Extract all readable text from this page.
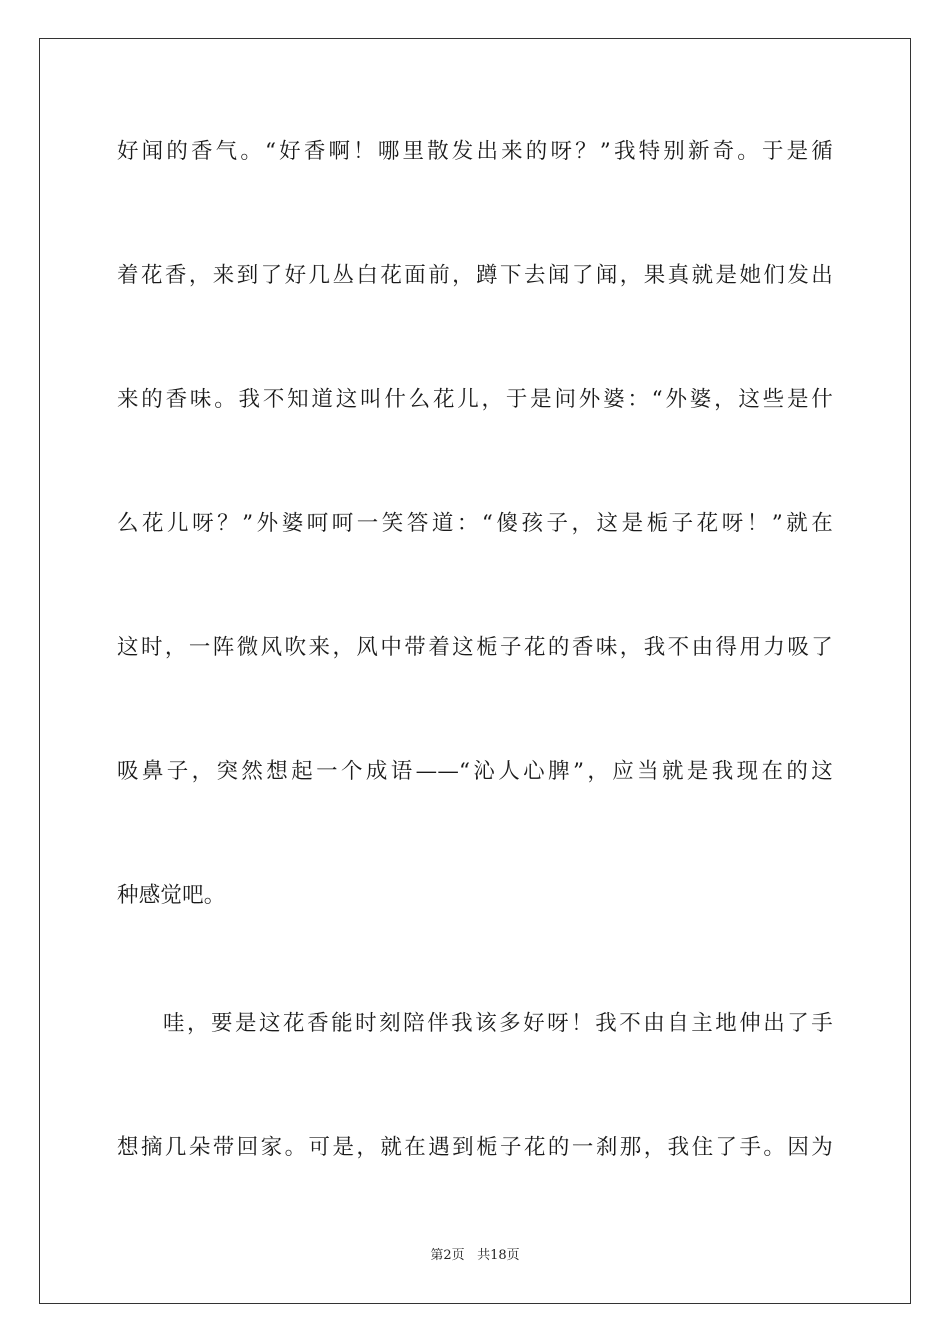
好闻的香气。“好香啊！哪里散发出来的呀？”我特别新奇。于是循
着花香，来到了好几丛白花面前，蹲下去闻了闻，果真就是她们发出
来的香味。我不知道这叫什么花儿，于是问外婆：“外婆，这些是什
么花儿呀？”外婆呵呵一笑答道：“傻孩子，这是栀子花呀！”就在
这时，一阵微风吹来，风中带着这栀子花的香味，我不由得用力吸了
吸鼻子，突然想起一个成语——“沁人心脾”，应当就是我现在的这
种感觉吧。
哇，要是这花香能时刻陪伴我该多好呀！我不由自主地伸出了手
想摘几朵带回家。可是，就在遇到栀子花的一刹那，我住了手。因为
第2页 共18页
